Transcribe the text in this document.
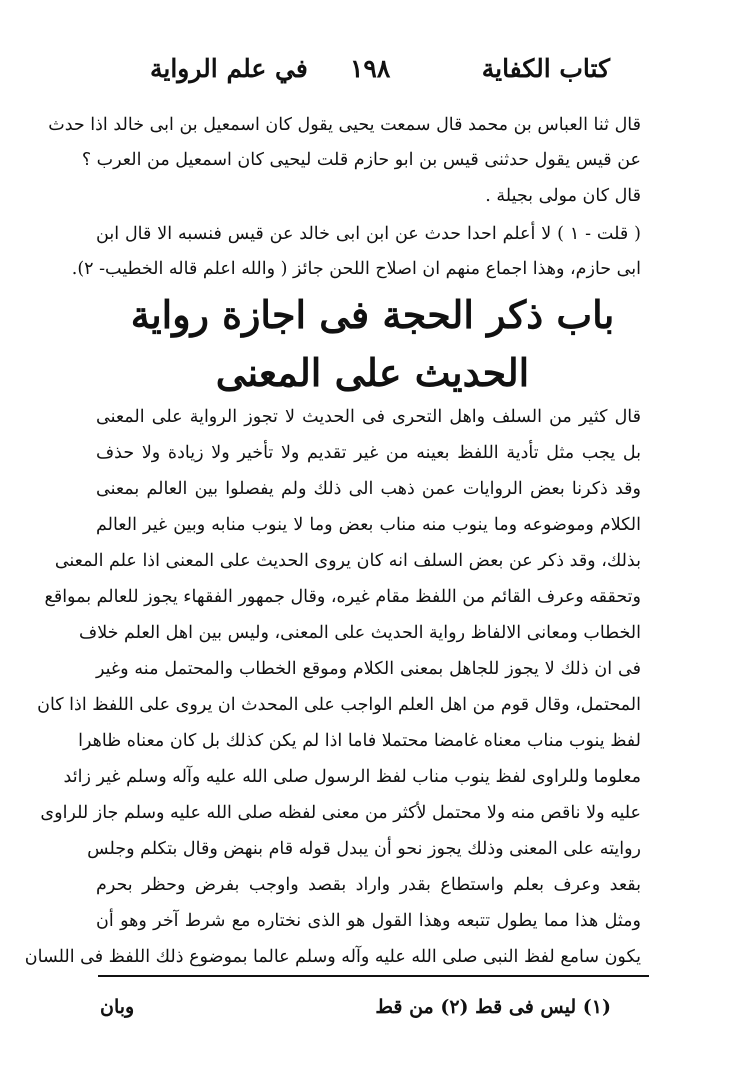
كتاب الكفاية
١٩٨
في علم الرواية
قال ثنا العباس بن محمد قال سمعت يحيى يقول كان اسمعيل بن ابى خالد اذا حدث
عن قيس يقول حدثنى قيس بن ابو حازم قلت ليحيى كان اسمعيل من العرب ؟
قال كان مولى بجيلة .
( قلت - ١ ) لا أعلم احدا حدث عن ابن ابى خالد عن قيس فنسبه الا قال ابن
ابى حازم، وهذا اجماع منهم ان اصلاح اللحن جائز ( والله اعلم قاله الخطيب- ٢).
باب ذكر الحجة فى اجازة رواية
الحديث على المعنى
قال كثير من السلف واهل التحرى فى الحديث لا تجوز الرواية على المعنى
بل يجب مثل تأدية اللفظ بعينه من غير تقديم ولا تأخير ولا زيادة ولا حذف
وقد ذكرنا بعض الروايات عمن ذهب الى ذلك ولم يفصلوا بين العالم بمعنى
الكلام وموضوعه وما ينوب منه مناب بعض وما لا ينوب منابه وبين غير العالم
بذلك، وقد ذكر عن بعض السلف انه كان يروى الحديث على المعنى اذا علم المعنى
وتحققه وعرف القائم من اللفظ مقام غيره، وقال جمهور الفقهاء يجوز للعالم بمواقع
الخطاب ومعانى الالفاظ رواية الحديث على المعنى، وليس بين اهل العلم خلاف
فى ان ذلك لا يجوز للجاهل بمعنى الكلام وموقع الخطاب والمحتمل منه وغير
المحتمل، وقال قوم من اهل العلم الواجب على المحدث ان يروى على اللفظ اذا كان
لفظ ينوب مناب معناه غامضا محتملا فاما اذا لم يكن كذلك بل كان معناه ظاهرا
معلوما وللراوى لفظ ينوب مناب لفظ الرسول صلى الله عليه وآله وسلم غير زائد
عليه ولا ناقص منه ولا محتمل لأكثر من معنى لفظه صلى الله عليه وسلم جاز للراوى
روايته على المعنى وذلك يجوز نحو أن يبدل قوله قام بنهض وقال بتكلم وجلس
بقعد وعرف بعلم واستطاع بقدر واراد بقصد واوجب بفرض وحظر بحرم
ومثل هذا مما يطول تتبعه وهذا القول هو الذى نختاره مع شرط آخر وهو أن
يكون سامع لفظ النبى صلى الله عليه وآله وسلم عالما بموضوع ذلك اللفظ فى اللسان
(١) ليس فى قط (٢) من قط
وبان
